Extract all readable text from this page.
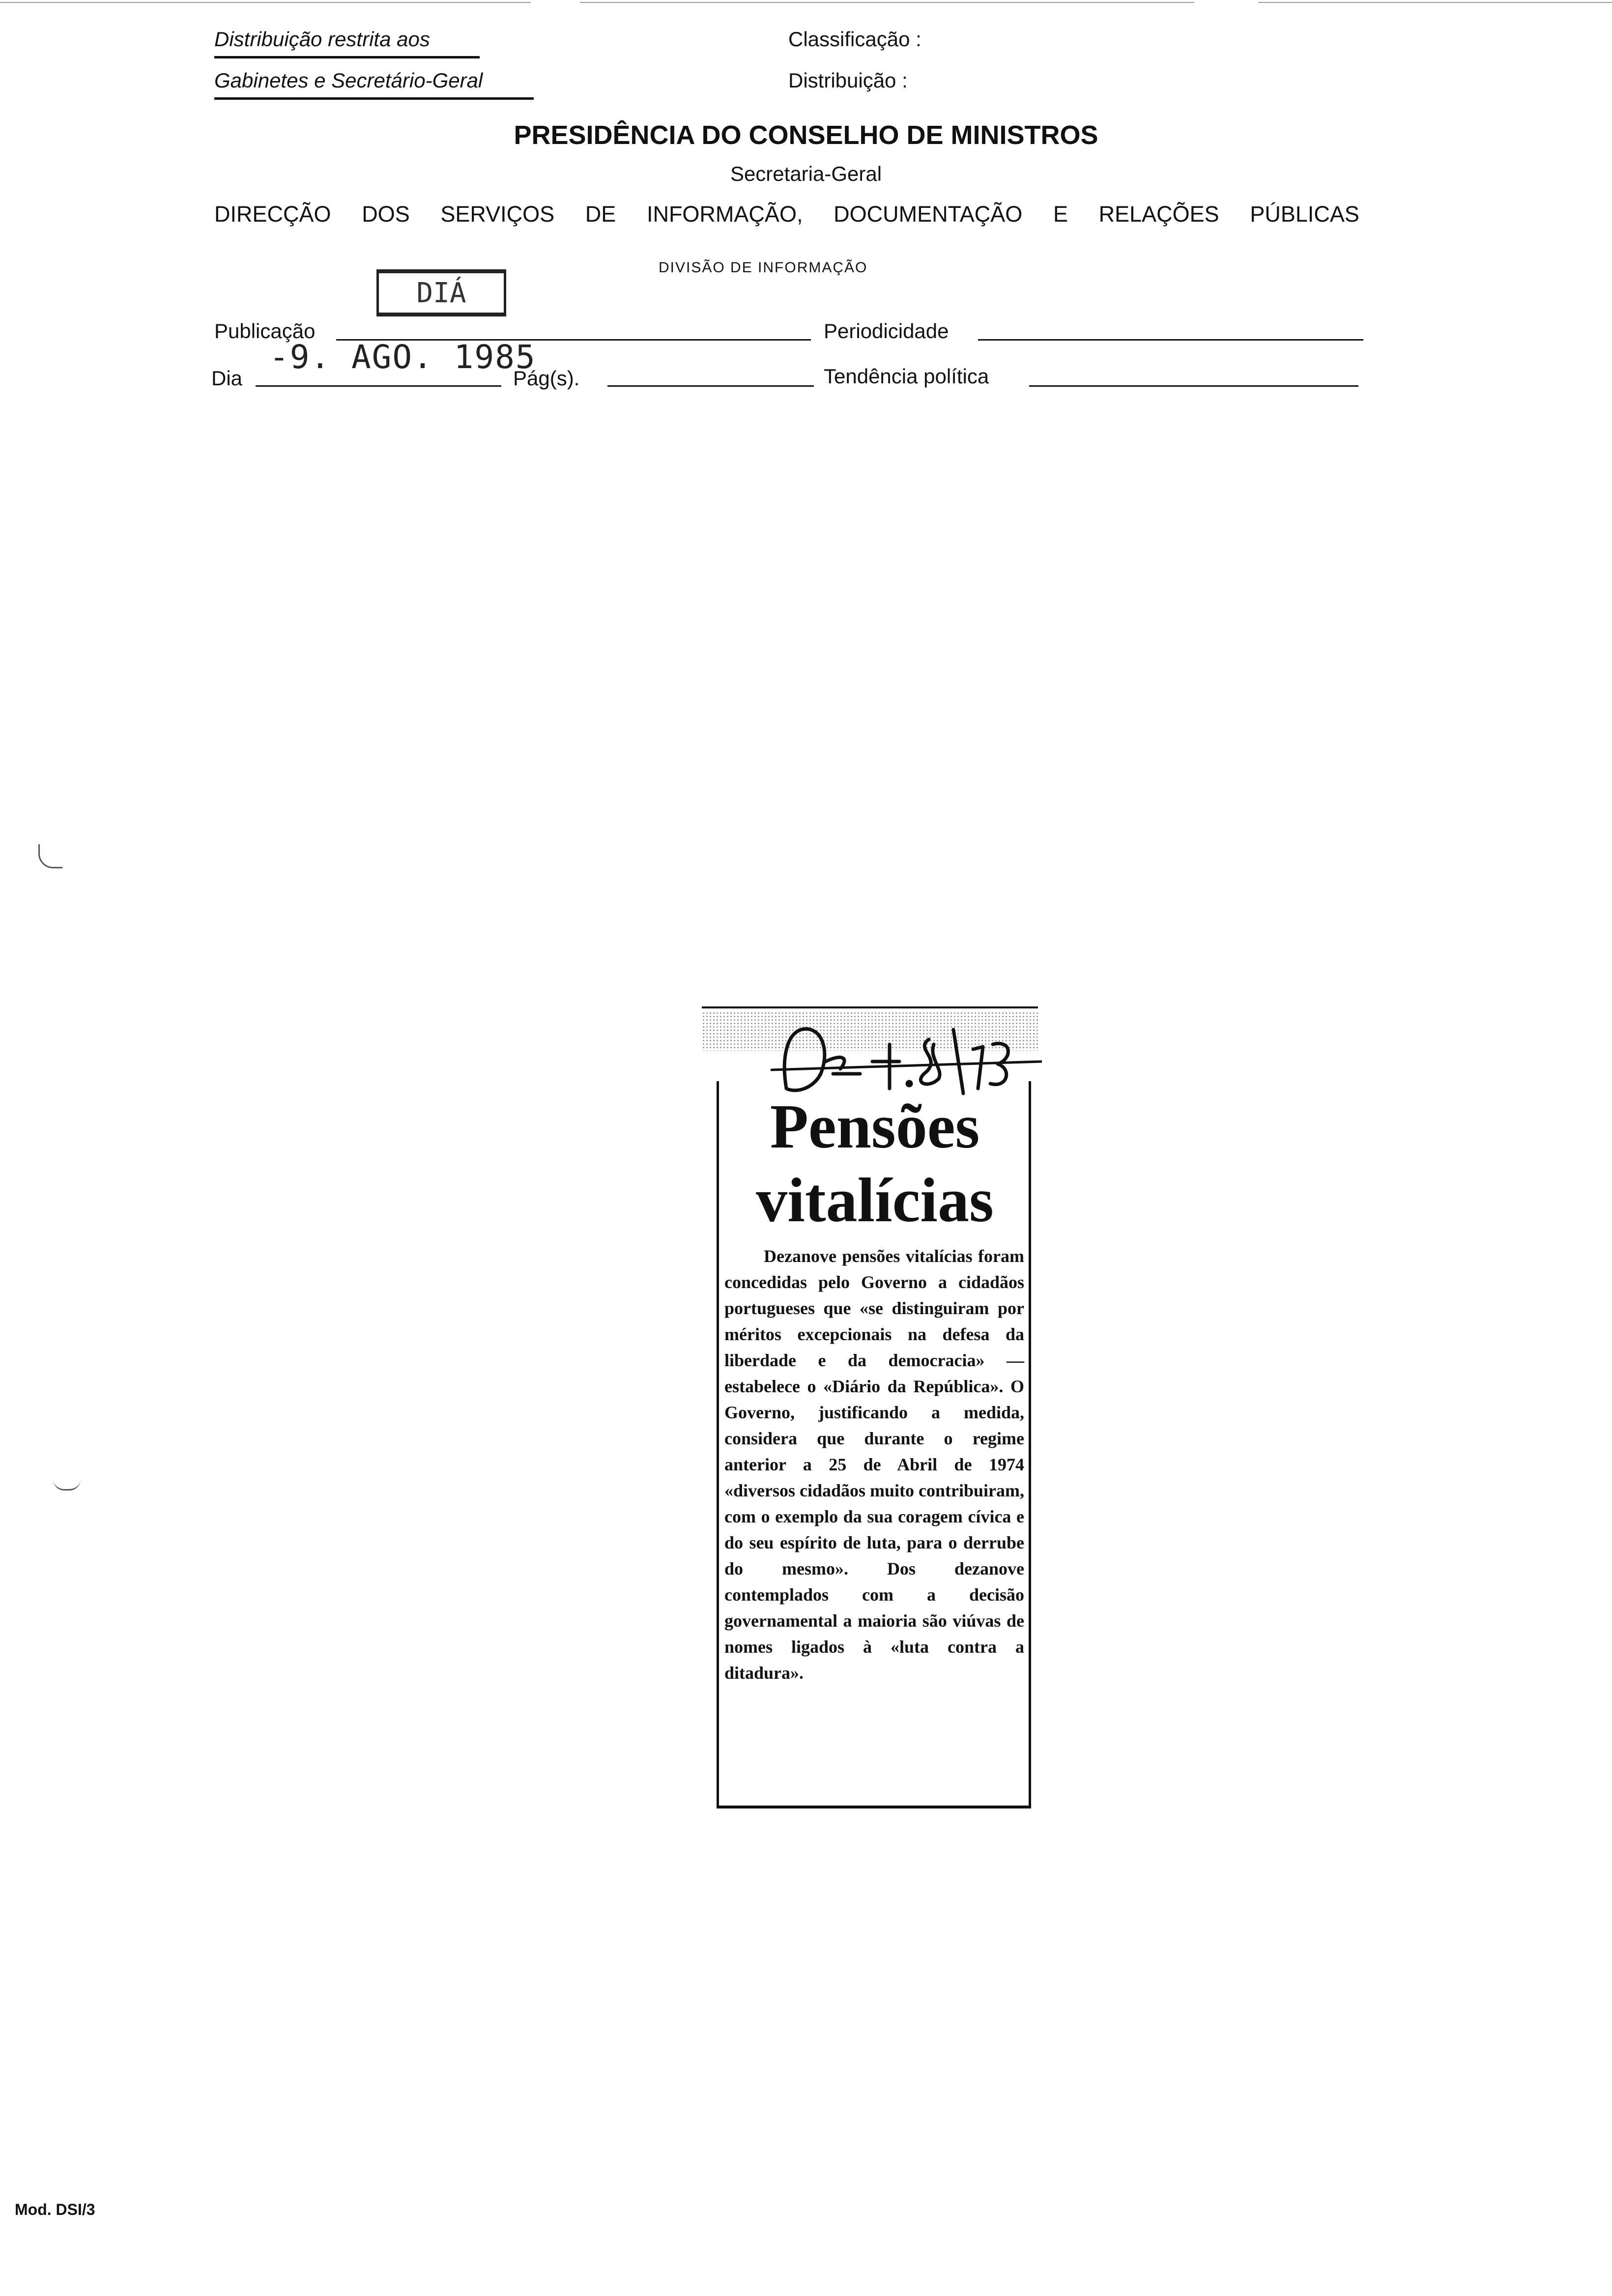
Distribuição restrita aos
Gabinetes e Secretário-Geral
Classificação :
Distribuição :
PRESIDÊNCIA DO CONSELHO DE MINISTROS
Secretaria-Geral
DIRECÇÃO DOS SERVIÇOS DE INFORMAÇÃO, DOCUMENTAÇÃO E RELAÇÕES PÚBLICAS
DIVISÃO DE INFORMAÇÃO
DIÁ
Publicação	Periodicidade
-9. AGO. 1985
Dia	Pág(s).	Tendência política
Pensões
vitalícias
Dezanove pensões vitalícias foram concedidas pelo Governo a cidadãos portugueses que «se distinguiram por méritos excepcionais na defesa da liberdade e da democracia» — estabelece o «Diário da República». O Governo, justificando a medida, considera que durante o regime anterior a 25 de Abril de 1974 «diversos cidadãos muito contribuiram, com o exemplo da sua coragem cívica e do seu espírito de luta, para o derrube do mesmo». Dos dezanove contemplados com a decisão governamental a maioria são viúvas de nomes ligados à «luta contra a ditadura».
Mod. DSI/3
